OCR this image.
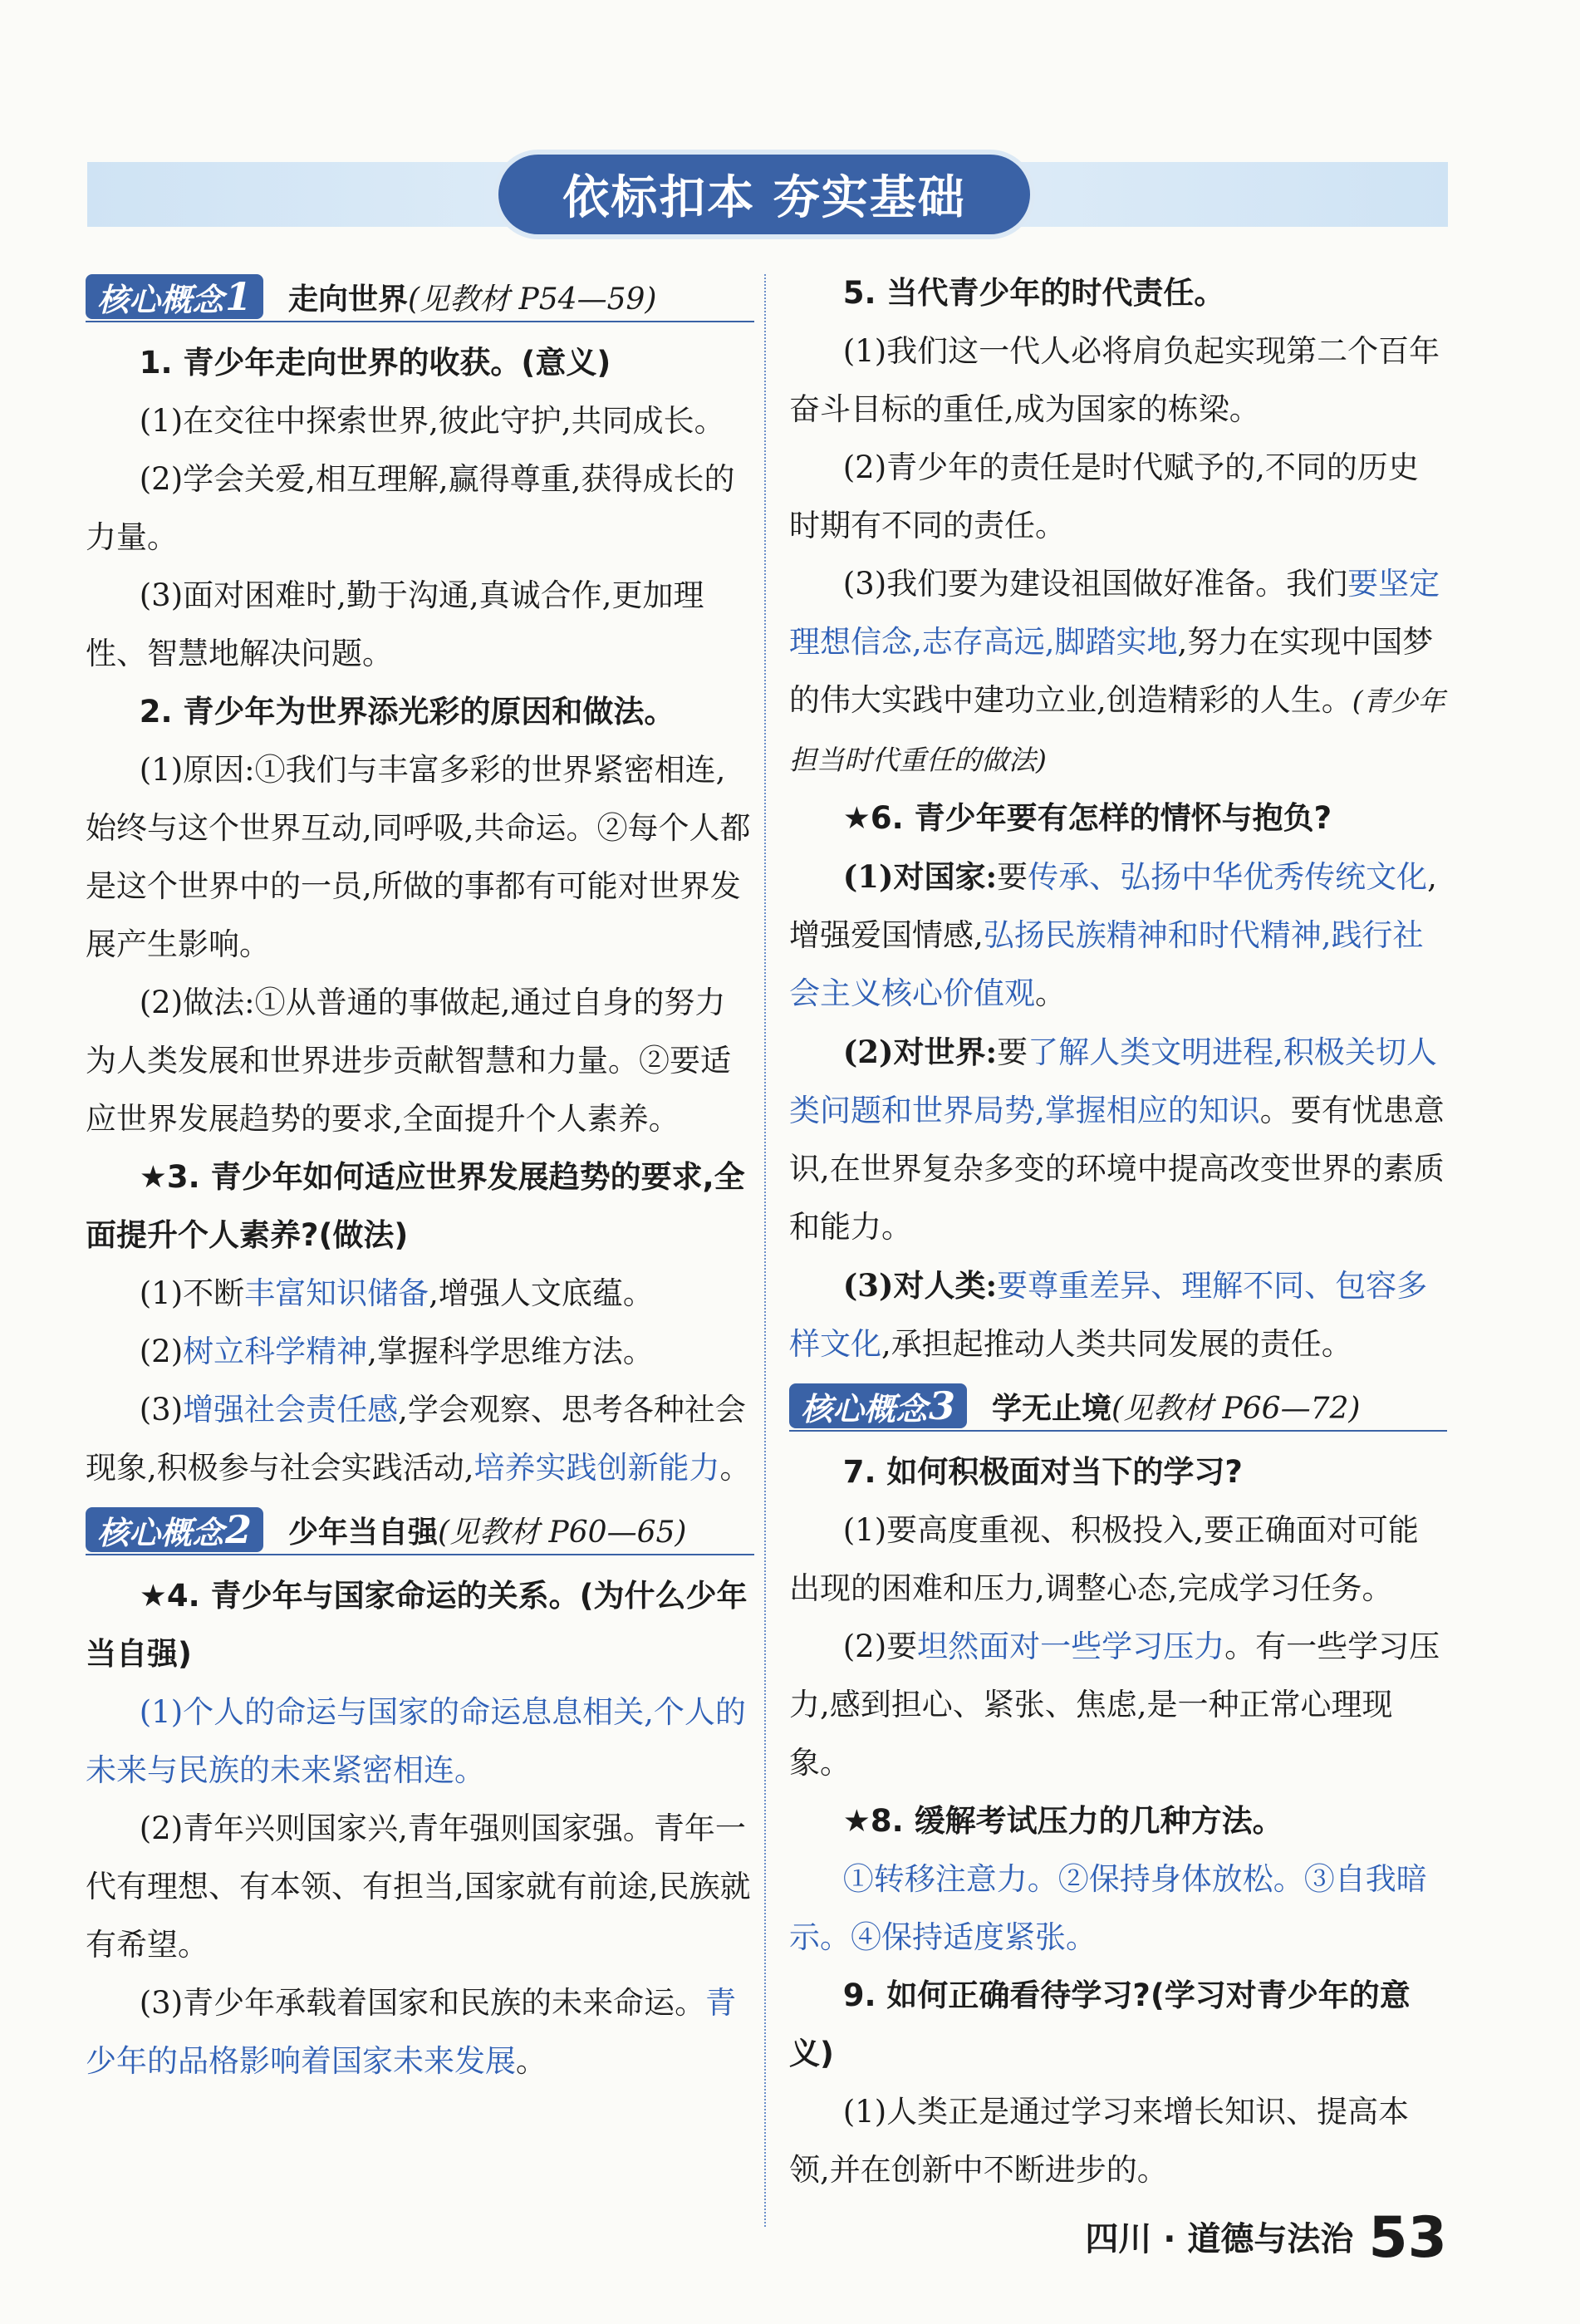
依标扣本 夯实基础
核心概念 1 走向世界 (见教材 P54—59)

1. 青少年走向世界的收获。(意义)

(1)在交往中探索世界,彼此守护,共同成长。

(2)学会关爱,相互理解,赢得尊重,获得成长的力量。

(3)面对困难时,勤于沟通,真诚合作,更加理性、智慧地解决问题。

2. 青少年为世界添光彩的原因和做法。

(1)原因:①我们与丰富多彩的世界紧密相连,始终与这个世界互动,同呼吸,共命运。②每个人都是这个世界中的一员,所做的事都有可能对世界发展产生影响。

(2)做法:①从普通的事做起,通过自身的努力为人类发展和世界进步贡献智慧和力量。②要适应世界发展趋势的要求,全面提升个人素养。

★3. 青少年如何适应世界发展趋势的要求,全面提升个人素养?(做法)

(1)不断丰富知识储备,增强人文底蕴。

(2)树立科学精神,掌握科学思维方法。

(3)增强社会责任感,学会观察、思考各种社会现象,积极参与社会实践活动,培养实践创新能力。

核心概念 2 少年当自强 (见教材 P60—65)

★4. 青少年与国家命运的关系。(为什么少年当自强)

(1)个人的命运与国家的命运息息相关,个人的未来与民族的未来紧密相连。

(2)青年兴则国家兴,青年强则国家强。青年一代有理想、有本领、有担当,国家就有前途,民族就有希望。

(3)青少年承载着国家和民族的未来命运。青少年的品格影响着国家未来发展。

5. 当代青少年的时代责任。

(1)我们这一代人必将肩负起实现第二个百年奋斗目标的重任,成为国家的栋梁。

(2)青少年的责任是时代赋予的,不同的历史时期有不同的责任。

(3)我们要为建设祖国做好准备。我们要坚定理想信念,志存高远,脚踏实地,努力在实现中国梦的伟大实践中建功立业,创造精彩的人生。(青少年担当时代重任的做法)

★6. 青少年要有怎样的情怀与抱负?

(1)对国家:要传承、弘扬中华优秀传统文化,增强爱国情感,弘扬民族精神和时代精神,践行社会主义核心价值观。

(2)对世界:要了解人类文明进程,积极关切人类问题和世界局势,掌握相应的知识。要有忧患意识,在世界复杂多变的环境中提高改变世界的素质和能力。

(3)对人类:要尊重差异、理解不同、包容多样文化,承担起推动人类共同发展的责任。

核心概念 3 学无止境 (见教材 P66—72)

7. 如何积极面对当下的学习?

(1)要高度重视、积极投入,要正确面对可能出现的困难和压力,调整心态,完成学习任务。

(2)要坦然面对一些学习压力。有一些学习压力,感到担心、紧张、焦虑,是一种正常心理现象。

★8. 缓解考试压力的几种方法。

①转移注意力。②保持身体放松。③自我暗示。④保持适度紧张。

9. 如何正确看待学习?(学习对青少年的意义)

(1)人类正是通过学习来增长知识、提高本领,并在创新中不断进步的。

四川 · 道德与法治 53
